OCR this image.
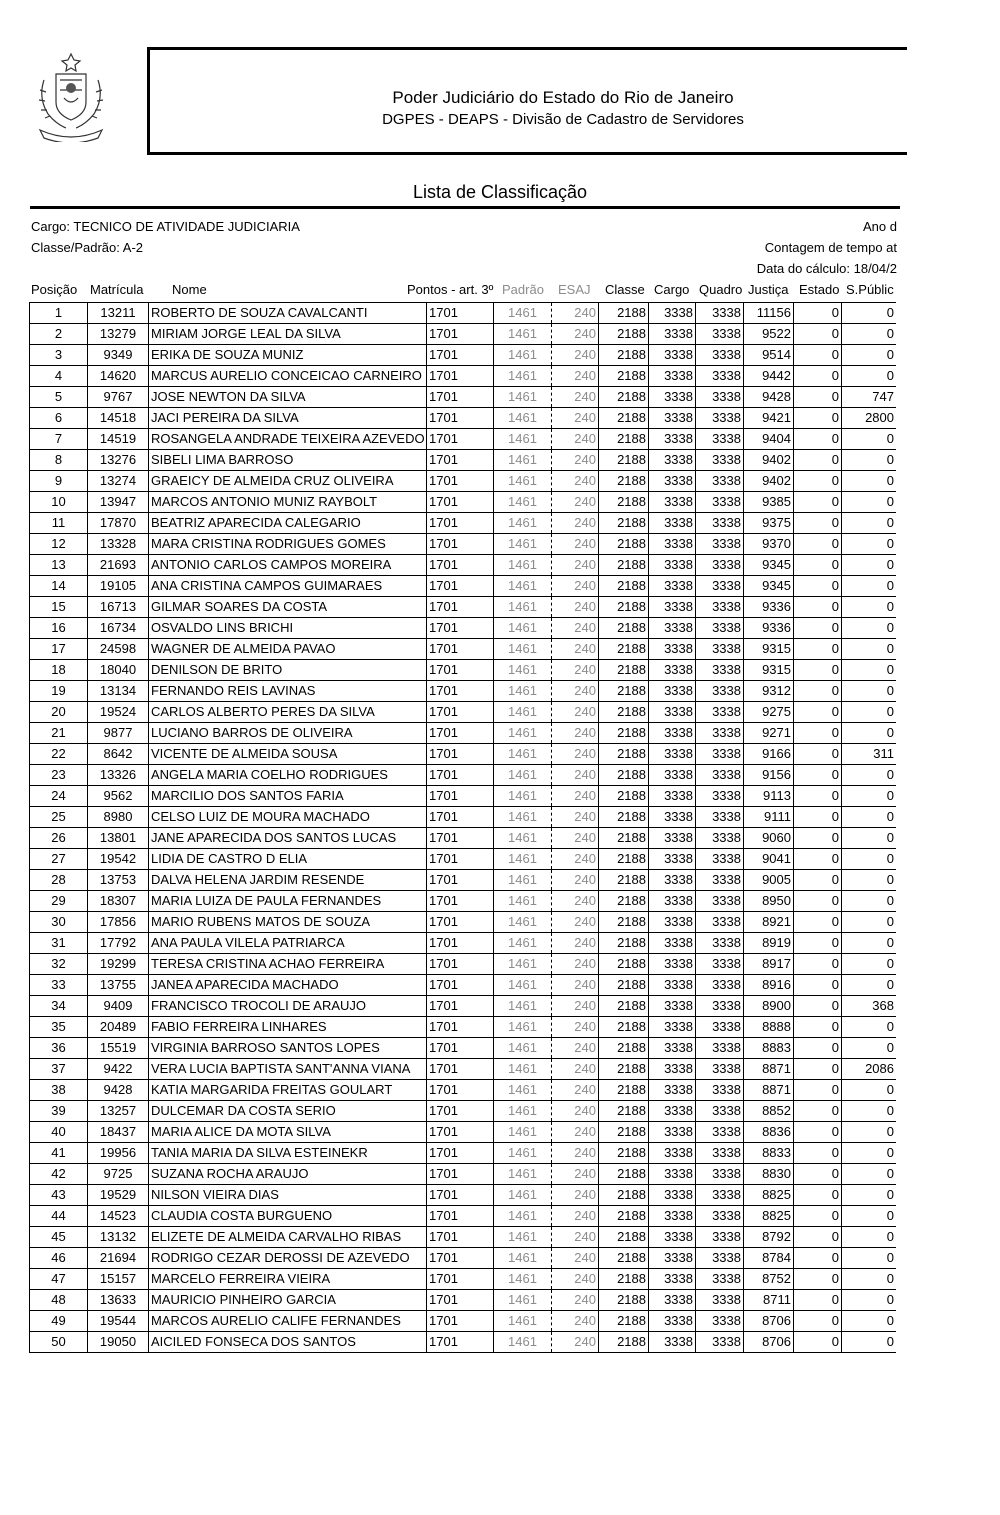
Poder Judiciário do Estado do Rio de Janeiro
DGPES - DEAPS - Divisão de Cadastro de Servidores
Lista de Classificação
Cargo: TECNICO DE ATIVIDADE JUDICIARIA
Classe/Padrão: A-2
Ano d
Contagem de tempo at
Data do cálculo: 18/04/2
Posição Matrícula Nome	Pontos - art. 3º Padrão ESAJ Classe Cargo Quadro Justiça Estado S.Públic
1	13211	ROBERTO DE SOUZA CAVALCANTI	1701	1461	240	2188	3338	3338	11156	0	0
2	13279	MIRIAM JORGE LEAL DA SILVA	1701	1461	240	2188	3338	3338	9522	0	0
3	9349	ERIKA DE SOUZA MUNIZ	1701	1461	240	2188	3338	3338	9514	0	0
4	14620	MARCUS AURELIO CONCEICAO CARNEIRO	1701	1461	240	2188	3338	3338	9442	0	0
5	9767	JOSE NEWTON DA SILVA	1701	1461	240	2188	3338	3338	9428	0	747
6	14518	JACI PEREIRA DA SILVA	1701	1461	240	2188	3338	3338	9421	0	2800
7	14519	ROSANGELA ANDRADE TEIXEIRA AZEVEDO	1701	1461	240	2188	3338	3338	9404	0	0
8	13276	SIBELI LIMA BARROSO	1701	1461	240	2188	3338	3338	9402	0	0
9	13274	GRAEICY DE ALMEIDA CRUZ OLIVEIRA	1701	1461	240	2188	3338	3338	9402	0	0
10	13947	MARCOS ANTONIO MUNIZ RAYBOLT	1701	1461	240	2188	3338	3338	9385	0	0
11	17870	BEATRIZ APARECIDA CALEGARIO	1701	1461	240	2188	3338	3338	9375	0	0
12	13328	MARA CRISTINA RODRIGUES GOMES	1701	1461	240	2188	3338	3338	9370	0	0
13	21693	ANTONIO CARLOS CAMPOS MOREIRA	1701	1461	240	2188	3338	3338	9345	0	0
14	19105	ANA CRISTINA CAMPOS GUIMARAES	1701	1461	240	2188	3338	3338	9345	0	0
15	16713	GILMAR SOARES DA COSTA	1701	1461	240	2188	3338	3338	9336	0	0
16	16734	OSVALDO LINS BRICHI	1701	1461	240	2188	3338	3338	9336	0	0
17	24598	WAGNER DE ALMEIDA PAVAO	1701	1461	240	2188	3338	3338	9315	0	0
18	18040	DENILSON DE BRITO	1701	1461	240	2188	3338	3338	9315	0	0
19	13134	FERNANDO REIS LAVINAS	1701	1461	240	2188	3338	3338	9312	0	0
20	19524	CARLOS ALBERTO PERES DA SILVA	1701	1461	240	2188	3338	3338	9275	0	0
21	9877	LUCIANO BARROS DE OLIVEIRA	1701	1461	240	2188	3338	3338	9271	0	0
22	8642	VICENTE DE ALMEIDA SOUSA	1701	1461	240	2188	3338	3338	9166	0	311
23	13326	ANGELA MARIA COELHO RODRIGUES	1701	1461	240	2188	3338	3338	9156	0	0
24	9562	MARCILIO DOS SANTOS FARIA	1701	1461	240	2188	3338	3338	9113	0	0
25	8980	CELSO LUIZ DE MOURA MACHADO	1701	1461	240	2188	3338	3338	9111	0	0
26	13801	JANE APARECIDA DOS SANTOS LUCAS	1701	1461	240	2188	3338	3338	9060	0	0
27	19542	LIDIA DE CASTRO D ELIA	1701	1461	240	2188	3338	3338	9041	0	0
28	13753	DALVA HELENA JARDIM RESENDE	1701	1461	240	2188	3338	3338	9005	0	0
29	18307	MARIA LUIZA DE PAULA FERNANDES	1701	1461	240	2188	3338	3338	8950	0	0
30	17856	MARIO RUBENS MATOS DE SOUZA	1701	1461	240	2188	3338	3338	8921	0	0
31	17792	ANA PAULA VILELA PATRIARCA	1701	1461	240	2188	3338	3338	8919	0	0
32	19299	TERESA CRISTINA ACHAO FERREIRA	1701	1461	240	2188	3338	3338	8917	0	0
33	13755	JANEA APARECIDA MACHADO	1701	1461	240	2188	3338	3338	8916	0	0
34	9409	FRANCISCO TROCOLI DE ARAUJO	1701	1461	240	2188	3338	3338	8900	0	368
35	20489	FABIO FERREIRA LINHARES	1701	1461	240	2188	3338	3338	8888	0	0
36	15519	VIRGINIA BARROSO SANTOS LOPES	1701	1461	240	2188	3338	3338	8883	0	0
37	9422	VERA LUCIA BAPTISTA SANT'ANNA VIANA	1701	1461	240	2188	3338	3338	8871	0	2086
38	9428	KATIA MARGARIDA FREITAS GOULART	1701	1461	240	2188	3338	3338	8871	0	0
39	13257	DULCEMAR DA COSTA SERIO	1701	1461	240	2188	3338	3338	8852	0	0
40	18437	MARIA ALICE DA MOTA SILVA	1701	1461	240	2188	3338	3338	8836	0	0
41	19956	TANIA MARIA DA SILVA ESTEINEKR	1701	1461	240	2188	3338	3338	8833	0	0
42	9725	SUZANA ROCHA ARAUJO	1701	1461	240	2188	3338	3338	8830	0	0
43	19529	NILSON VIEIRA DIAS	1701	1461	240	2188	3338	3338	8825	0	0
44	14523	CLAUDIA COSTA BURGUENO	1701	1461	240	2188	3338	3338	8825	0	0
45	13132	ELIZETE DE ALMEIDA CARVALHO RIBAS	1701	1461	240	2188	3338	3338	8792	0	0
46	21694	RODRIGO CEZAR DEROSSI DE AZEVEDO	1701	1461	240	2188	3338	3338	8784	0	0
47	15157	MARCELO FERREIRA VIEIRA	1701	1461	240	2188	3338	3338	8752	0	0
48	13633	MAURICIO PINHEIRO GARCIA	1701	1461	240	2188	3338	3338	8711	0	0
49	19544	MARCOS AURELIO CALIFE FERNANDES	1701	1461	240	2188	3338	3338	8706	0	0
50	19050	AICILED FONSECA DOS SANTOS	1701	1461	240	2188	3338	3338	8706	0	0
